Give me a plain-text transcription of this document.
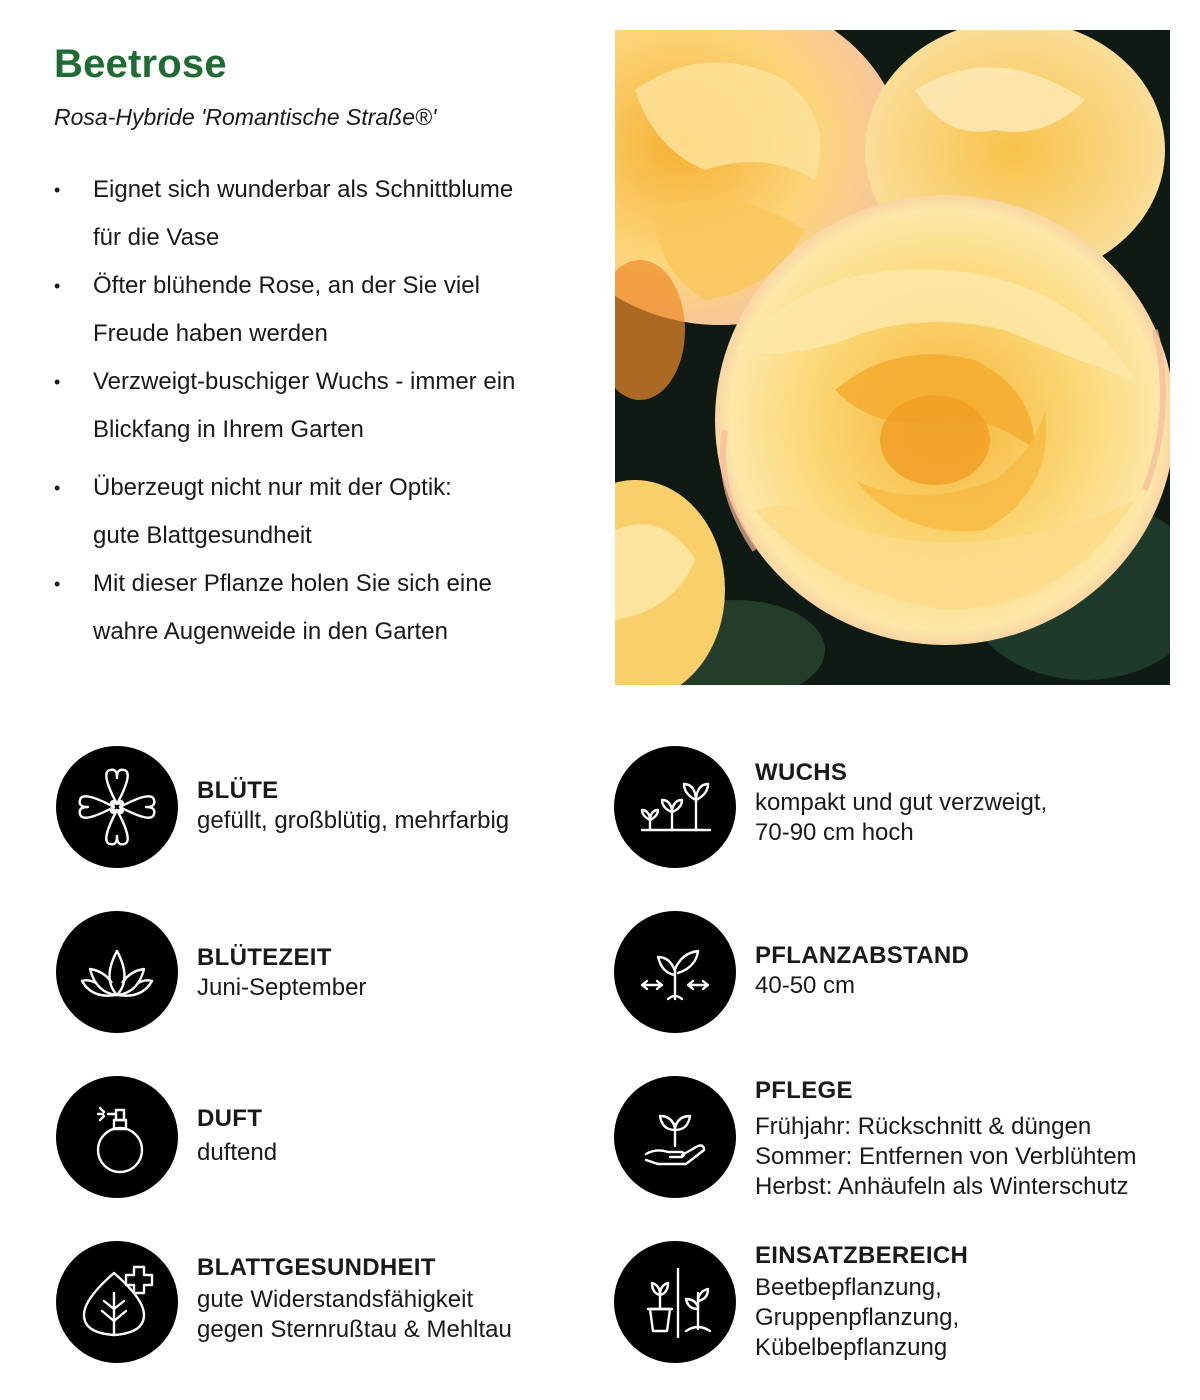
Beetrose

Rosa-Hybride 'Romantische Straße®'

• Eignet sich wunderbar als Schnittblume
für die Vase
• Öfter blühende Rose, an der Sie viel
Freude haben werden
• Verzweigt-buschiger Wuchs - immer ein
Blickfang in Ihrem Garten
• Überzeugt nicht nur mit der Optik:
gute Blattgesundheit
• Mit dieser Pflanze holen Sie sich eine
wahre Augenweide in den Garten
BLÜTE
gefüllt, großblütig, mehrfarbig
WUCHS
kompakt und gut verzweigt,
70-90 cm hoch
BLÜTEZEIT
Juni-September
PFLANZABSTAND
40-50 cm
DUFT
duftend
PFLEGE
Frühjahr: Rückschnitt & düngen
Sommer: Entfernen von Verblühtem
Herbst: Anhäufeln als Winterschutz
BLATTGESUNDHEIT
gute Widerstandsfähigkeit
gegen Sternrußtau & Mehltau
EINSATZBEREICH
Beetbepflanzung,
Gruppenpflanzung,
Kübelbepflanzung
